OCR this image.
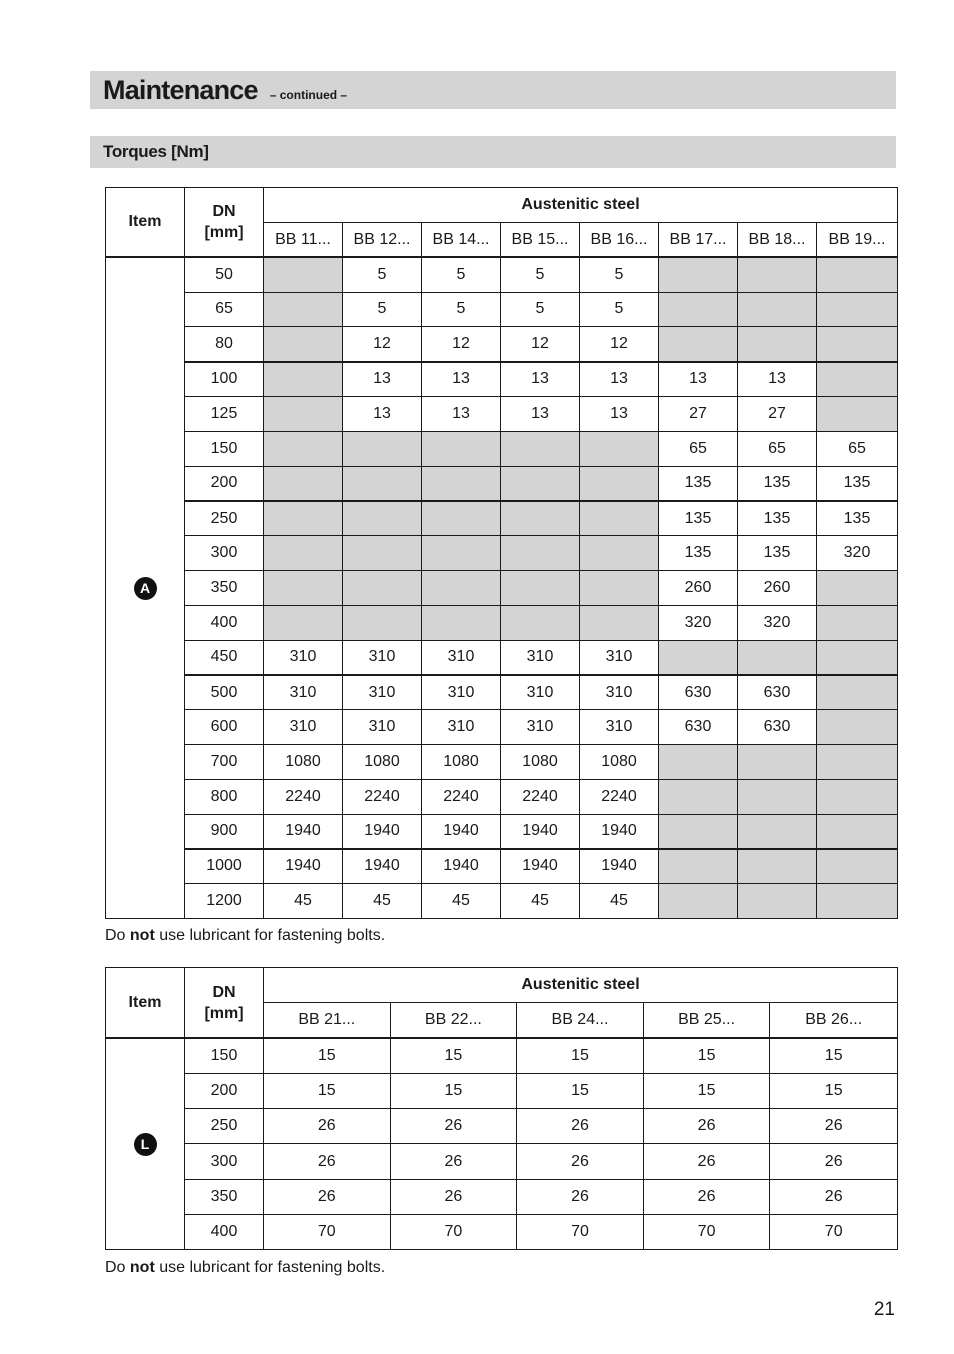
Maintenance – continued –
Torques [Nm]
Item	DN
[mm]	Austenitic steel							
		BB 11...	BB 12...	BB 14...	BB 15...	BB 16...	BB 17...	BB 18...	BB 19...
A	50		5	5	5	5			
	65		5	5	5	5			
	80		12	12	12	12			
	100		13	13	13	13	13	13	
	125		13	13	13	13	27	27	
	150						65	65	65
	200						135	135	135
	250						135	135	135
	300						135	135	320
	350						260	260	
	400						320	320	
	450	310	310	310	310	310			
	500	310	310	310	310	310	630	630	
	600	310	310	310	310	310	630	630	
	700	1080	1080	1080	1080	1080			
	800	2240	2240	2240	2240	2240			
	900	1940	1940	1940	1940	1940			
	1000	1940	1940	1940	1940	1940			
	1200	45	45	45	45	45			
Do not use lubricant for fastening bolts.
Item	DN
[mm]	Austenitic steel				
		BB 21...	BB 22...	BB 24...	BB 25...	BB 26...
L	150	15	15	15	15	15
	200	15	15	15	15	15
	250	26	26	26	26	26
	300	26	26	26	26	26
	350	26	26	26	26	26
	400	70	70	70	70	70
Do not use lubricant for fastening bolts.
21
